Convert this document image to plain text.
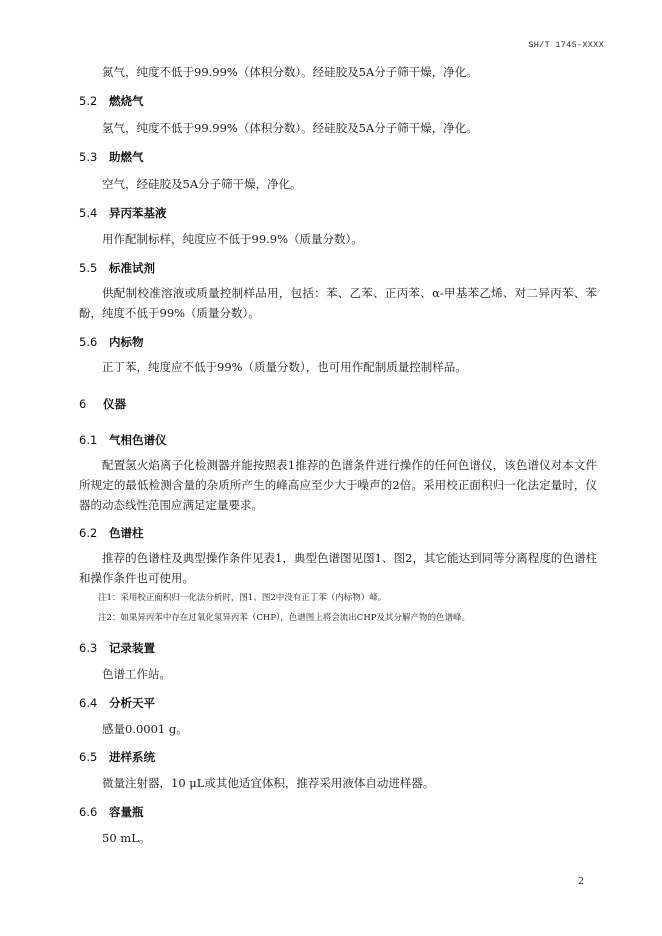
SH/T 1745-XXXX
氮气，纯度不低于99.99%（体积分数）。经硅胶及5A分子筛干燥，净化。
5.2 燃烧气
氢气，纯度不低于99.99%（体积分数）。经硅胶及5A分子筛干燥，净化。
5.3 助燃气
空气，经硅胶及5A分子筛干燥，净化。
5.4 异丙苯基液
用作配制标样，纯度应不低于99.9%（质量分数）。
5.5 标准试剂
供配制校准溶液或质量控制样品用，包括：苯、乙苯、正丙苯、α-甲基苯乙烯、对二异丙苯、苯酚，纯度不低于99%（质量分数）。
5.6 内标物
正丁苯，纯度应不低于99%（质量分数），也可用作配制质量控制样品。
6 仪器
6.1 气相色谱仪
配置氢火焰离子化检测器并能按照表1推荐的色谱条件进行操作的任何色谱仪，该色谱仪对本文件所规定的最低检测含量的杂质所产生的峰高应至少大于噪声的2倍。采用校正面积归一化法定量时，仪器的动态线性范围应满足定量要求。
6.2 色谱柱
推荐的色谱柱及典型操作条件见表1，典型色谱图见图1、图2，其它能达到同等分离程度的色谱柱和操作条件也可使用。
注1：采用校正面积归一化法分析时，图1、图2中没有正丁苯（内标物）峰。
注2：如果异丙苯中存在过氧化氢异丙苯（CHP），色谱图上将会流出CHP及其分解产物的色谱峰。
6.3 记录装置
色谱工作站。
6.4 分析天平
感量0.0001 g。
6.5 进样系统
微量注射器，10 μL或其他适宜体积，推荐采用液体自动进样器。
6.6 容量瓶
50 mL。
2
